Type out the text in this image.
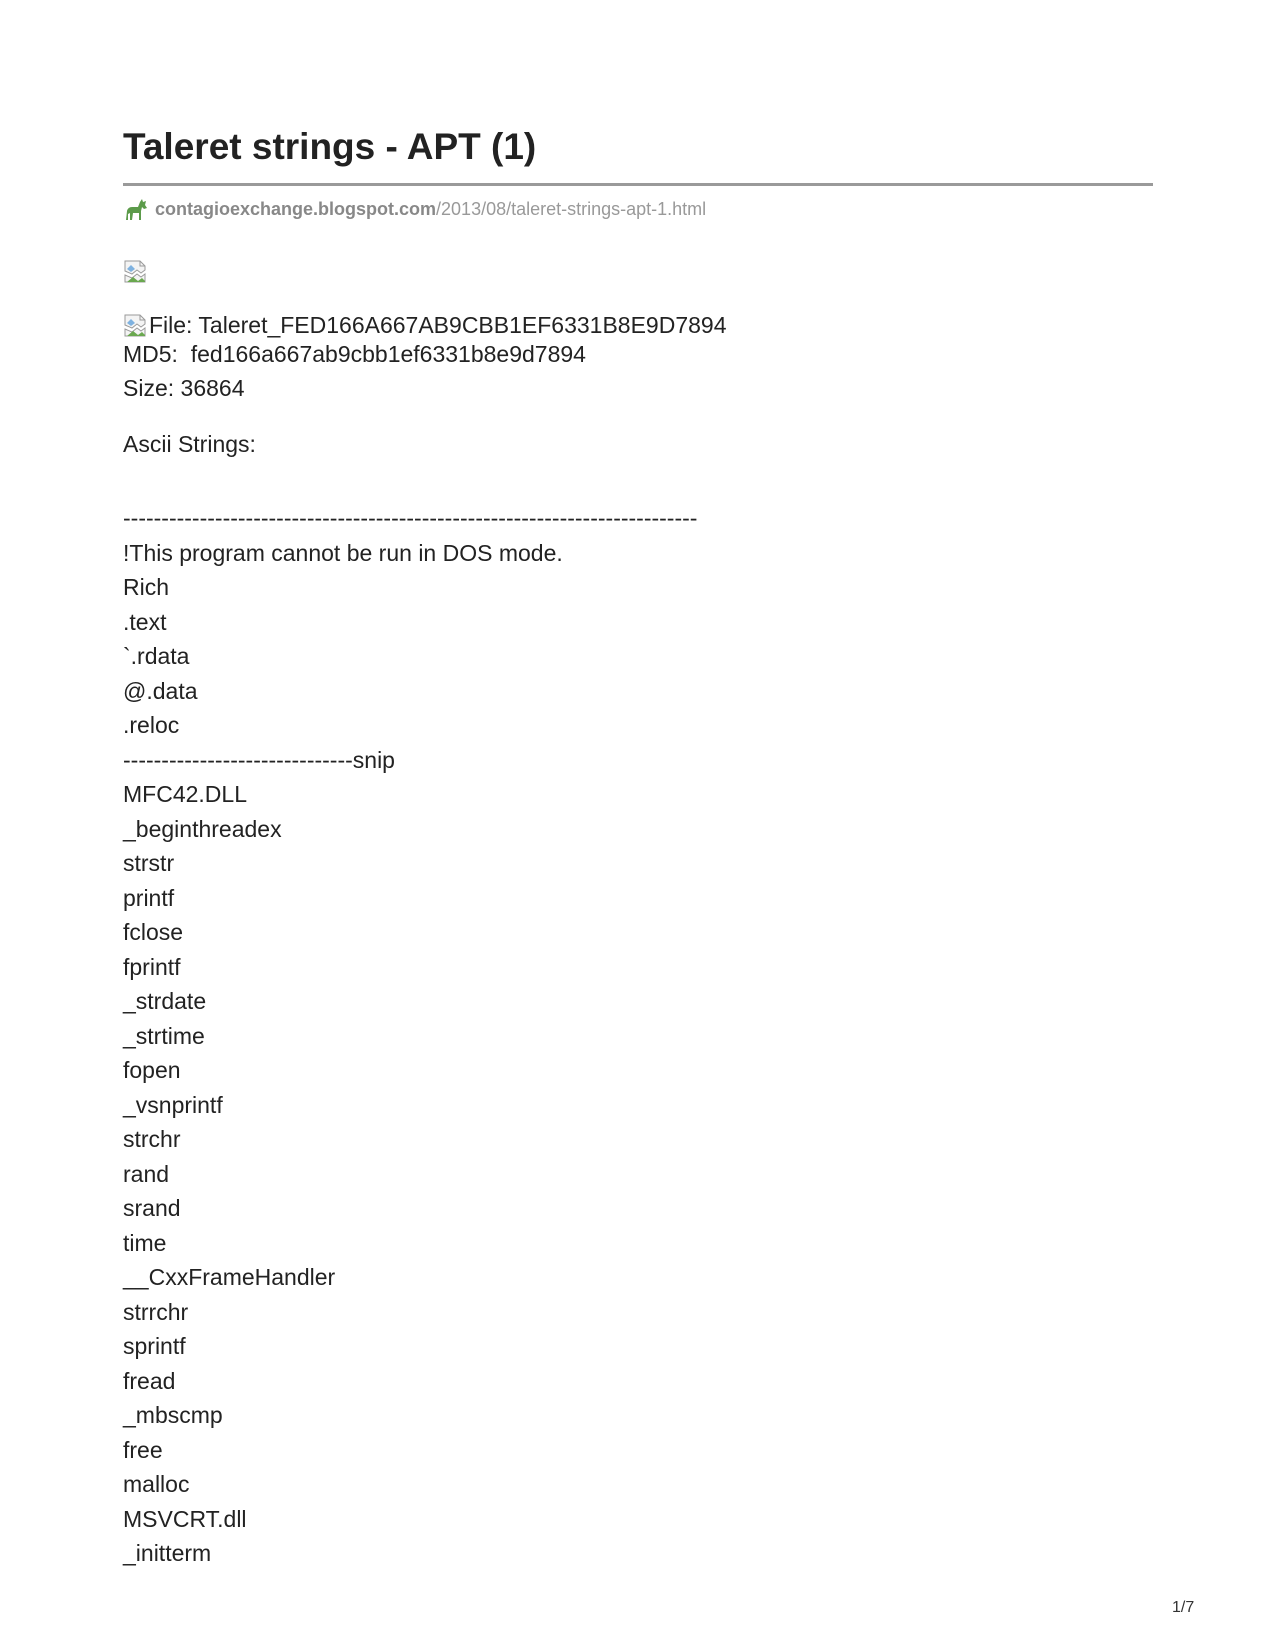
Taleret strings - APT (1)
contagioexchange.blogspot.com /2013/08/taleret-strings-apt-1.html
File: Taleret_FED166A667AB9CBB1EF6331B8E9D7894
MD5:  fed166a667ab9cbb1ef6331b8e9d7894
Size: 36864
Ascii Strings:
---------------------------------------------------------------------------
!This program cannot be run in DOS mode.
Rich
.text
`.rdata
@.data
.reloc
------------------------------snip
MFC42.DLL
_beginthreadex
strstr
printf
fclose
fprintf
_strdate
_strtime
fopen
_vsnprintf
strchr
rand
srand
time
__CxxFrameHandler
strrchr
sprintf
fread
_mbscmp
free
malloc
MSVCRT.dll
_initterm
1/7
